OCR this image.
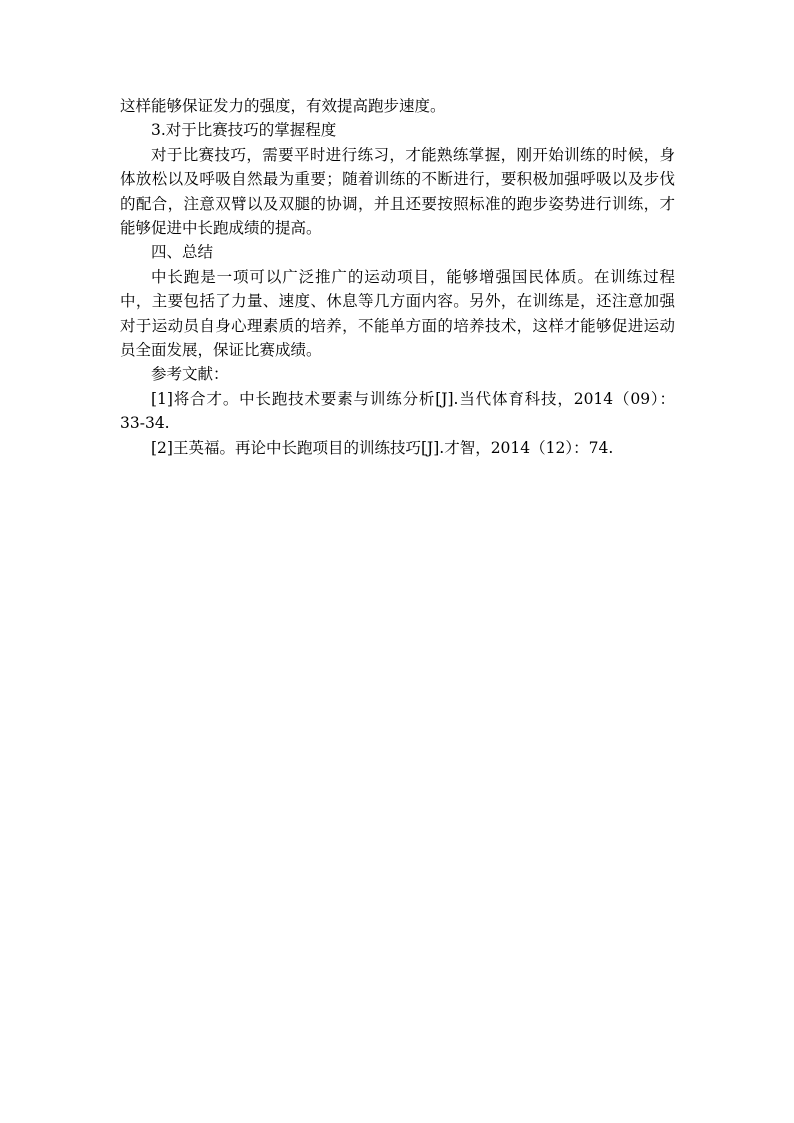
这样能够保证发力的强度，有效提高跑步速度。

3.对于比赛技巧的掌握程度

对于比赛技巧，需要平时进行练习，才能熟练掌握，刚开始训练的时候，身体放松以及呼吸自然最为重要；随着训练的不断进行，要积极加强呼吸以及步伐的配合，注意双臂以及双腿的协调，并且还要按照标准的跑步姿势进行训练，才能够促进中长跑成绩的提高。

四、总结

中长跑是一项可以广泛推广的运动项目，能够增强国民体质。在训练过程中，主要包括了力量、速度、休息等几方面内容。另外，在训练是，还注意加强对于运动员自身心理素质的培养，不能单方面的培养技术，这样才能够促进运动员全面发展，保证比赛成绩。

参考文献：

[1]将合才。中长跑技术要素与训练分析[J].当代体育科技，2014（09）：33-34.

[2]王英福。再论中长跑项目的训练技巧[J].才智，2014（12）：74.
